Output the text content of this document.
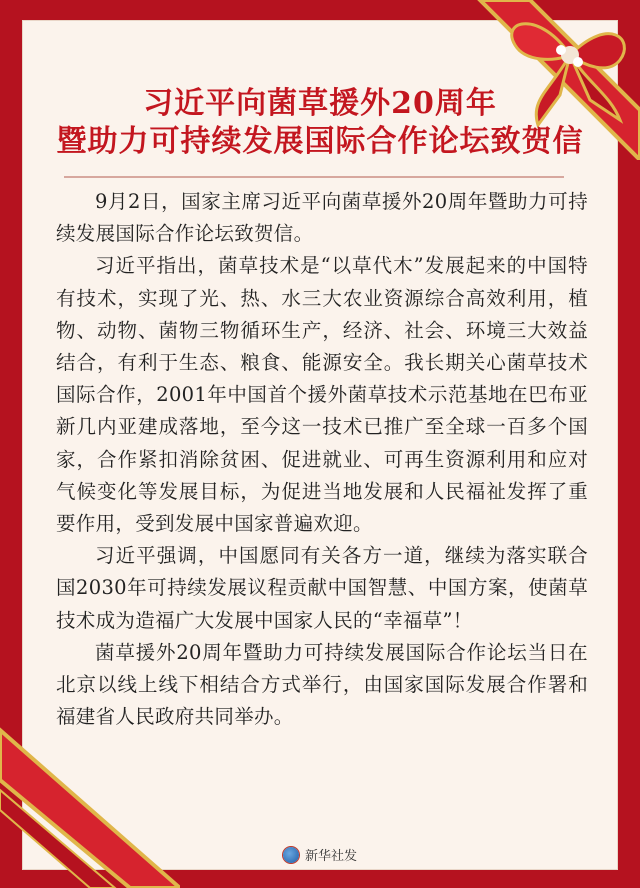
习近平向菌草援外20周年
暨助力可持续发展国际合作论坛致贺信

9月2日，国家主席习近平向菌草援外20周年暨助力可持续发展国际合作论坛致贺信。

习近平指出，菌草技术是“以草代木”发展起来的中国特有技术，实现了光、热、水三大农业资源综合高效利用，植物、动物、菌物三物循环生产，经济、社会、环境三大效益结合，有利于生态、粮食、能源安全。我长期关心菌草技术国际合作，2001年中国首个援外菌草技术示范基地在巴布亚新几内亚建成落地，至今这一技术已推广至全球一百多个国家，合作紧扣消除贫困、促进就业、可再生资源利用和应对气候变化等发展目标，为促进当地发展和人民福祉发挥了重要作用，受到发展中国家普遍欢迎。

习近平强调，中国愿同有关各方一道，继续为落实联合国2030年可持续发展议程贡献中国智慧、中国方案，使菌草技术成为造福广大发展中国家人民的“幸福草”！

菌草援外20周年暨助力可持续发展国际合作论坛当日在北京以线上线下相结合方式举行，由国家国际发展合作署和福建省人民政府共同举办。

新华社发
